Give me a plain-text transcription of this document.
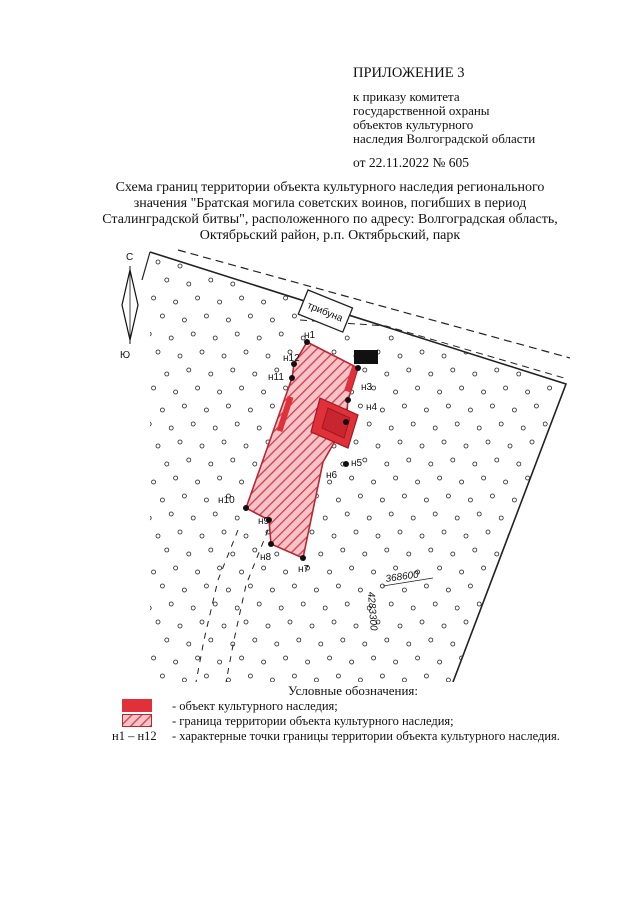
ПРИЛОЖЕНИЕ 3
к приказу комитета
государственной охраны
объектов культурного
наследия Волгоградской области
от 22.11.2022 № 605
Схема границ территории объекта культурного наследия регионального
значения "Братская могила советских воинов, погибших в период
Сталинградской битвы", расположенного по адресу: Волгоградская область,
Октябрьский район, р.п. Октябрьский, парк
трибуна
н1
н12
н11
н3
н4
н5
н6
н7
н8
н9
н10
368600
4283300
С
Ю
Условные обозначения:
- объект культурного наследия;
- граница территории объекта культурного наследия;
н1 – н12 - характерные точки границы территории объекта культурного наследия.
